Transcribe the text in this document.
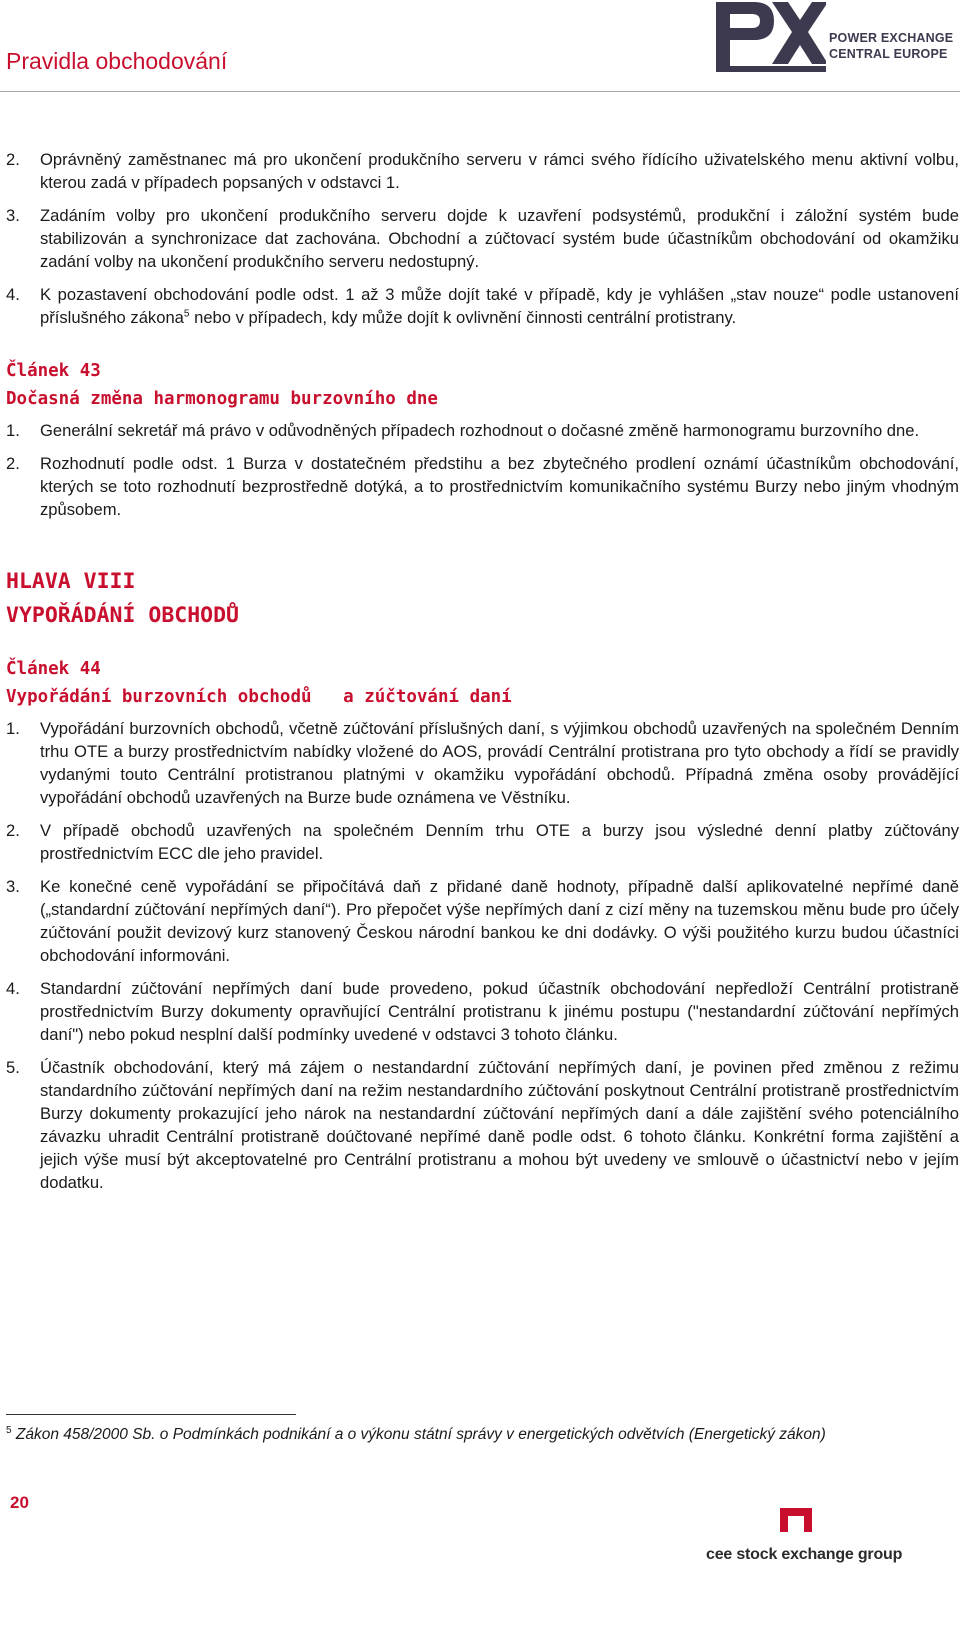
Pravidla obchodování
POWER EXCHANGE
CENTRAL EUROPE
2. Oprávněný zaměstnanec má pro ukončení produkčního serveru v rámci svého řídícího uživatelského menu aktivní volbu, kterou zadá v případech popsaných v odstavci 1.
3. Zadáním volby pro ukončení produkčního serveru dojde k uzavření podsystémů, produkční i záložní systém bude stabilizován a synchronizace dat zachována. Obchodní a zúčtovací systém bude účastníkům obchodování od okamžiku zadání volby na ukončení produkčního serveru nedostupný.
4. K pozastavení obchodování podle odst. 1 až 3 může dojít také v případě, kdy je vyhlášen „stav nouze“ podle ustanovení příslušného zákona$^5$ nebo v případech, kdy může dojít k ovlivnění činnosti centrální protistrany.
Článek 43
Dočasná změna harmonogramu burzovního dne
1. Generální sekretář má právo v odůvodněných případech rozhodnout o dočasné změně harmonogramu burzovního dne.
2. Rozhodnutí podle odst. 1 Burza v dostatečném předstihu a bez zbytečného prodlení oznámí účastníkům obchodování, kterých se toto rozhodnutí bezprostředně dotýká, a to prostřednictvím komunikačního systému Burzy nebo jiným vhodným způsobem.
HLAVA VIII
VYPOŘÁDÁNÍ OBCHODŮ
Článek 44
Vypořádání burzovních obchodů   a zúčtování daní
1. Vypořádání burzovních obchodů, včetně zúčtování příslušných daní, s výjimkou obchodů uzavřených na společném Denním trhu OTE a burzy prostřednictvím nabídky vložené do AOS, provádí Centrální protistrana pro tyto obchody a řídí se pravidly vydanými touto Centrální protistranou platnými v okamžiku vypořádání obchodů. Případná změna osoby provádějící vypořádání obchodů uzavřených na Burze bude oznámena ve Věstníku.
2. V případě obchodů uzavřených na společném Denním trhu OTE a burzy jsou výsledné denní platby zúčtovány prostřednictvím ECC dle jeho pravidel.
3. Ke konečné ceně vypořádání se připočítává daň z přidané daně hodnoty, případně další aplikovatelné nepřímé daně („standardní zúčtování nepřímých daní“). Pro přepočet výše nepřímých daní z cizí měny na tuzemskou měnu bude pro účely zúčtování použit devizový kurz stanovený Českou národní bankou ke dni dodávky. O výši použitého kurzu budou účastníci obchodování informováni.
4. Standardní zúčtování nepřímých daní bude provedeno, pokud účastník obchodování nepředloží Centrální protistraně prostřednictvím Burzy dokumenty opravňující Centrální protistranu k jinému postupu ("nestandardní zúčtování nepřímých daní") nebo pokud nesplní další podmínky uvedené v odstavci 3 tohoto článku.
5. Účastník obchodování, který má zájem o nestandardní zúčtování nepřímých daní, je povinen před změnou z režimu standardního zúčtování nepřímých daní na režim nestandardního zúčtování poskytnout Centrální protistraně prostřednictvím Burzy dokumenty prokazující jeho nárok na nestandardní zúčtování nepřímých daní a dále zajištění svého potenciálního závazku uhradit Centrální protistraně doúčtované nepřímé daně podle odst. 6 tohoto článku. Konkrétní forma zajištění a jejich výše musí být akceptovatelné pro Centrální protistranu a mohou být uvedeny ve smlouvě o účastnictví nebo v jejím dodatku.
$^5$ Zákon 458/2000 Sb. o Podmínkách podnikání a o výkonu státní správy v energetických odvětvích (Energetický zákon)
20
cee stock exchange group
